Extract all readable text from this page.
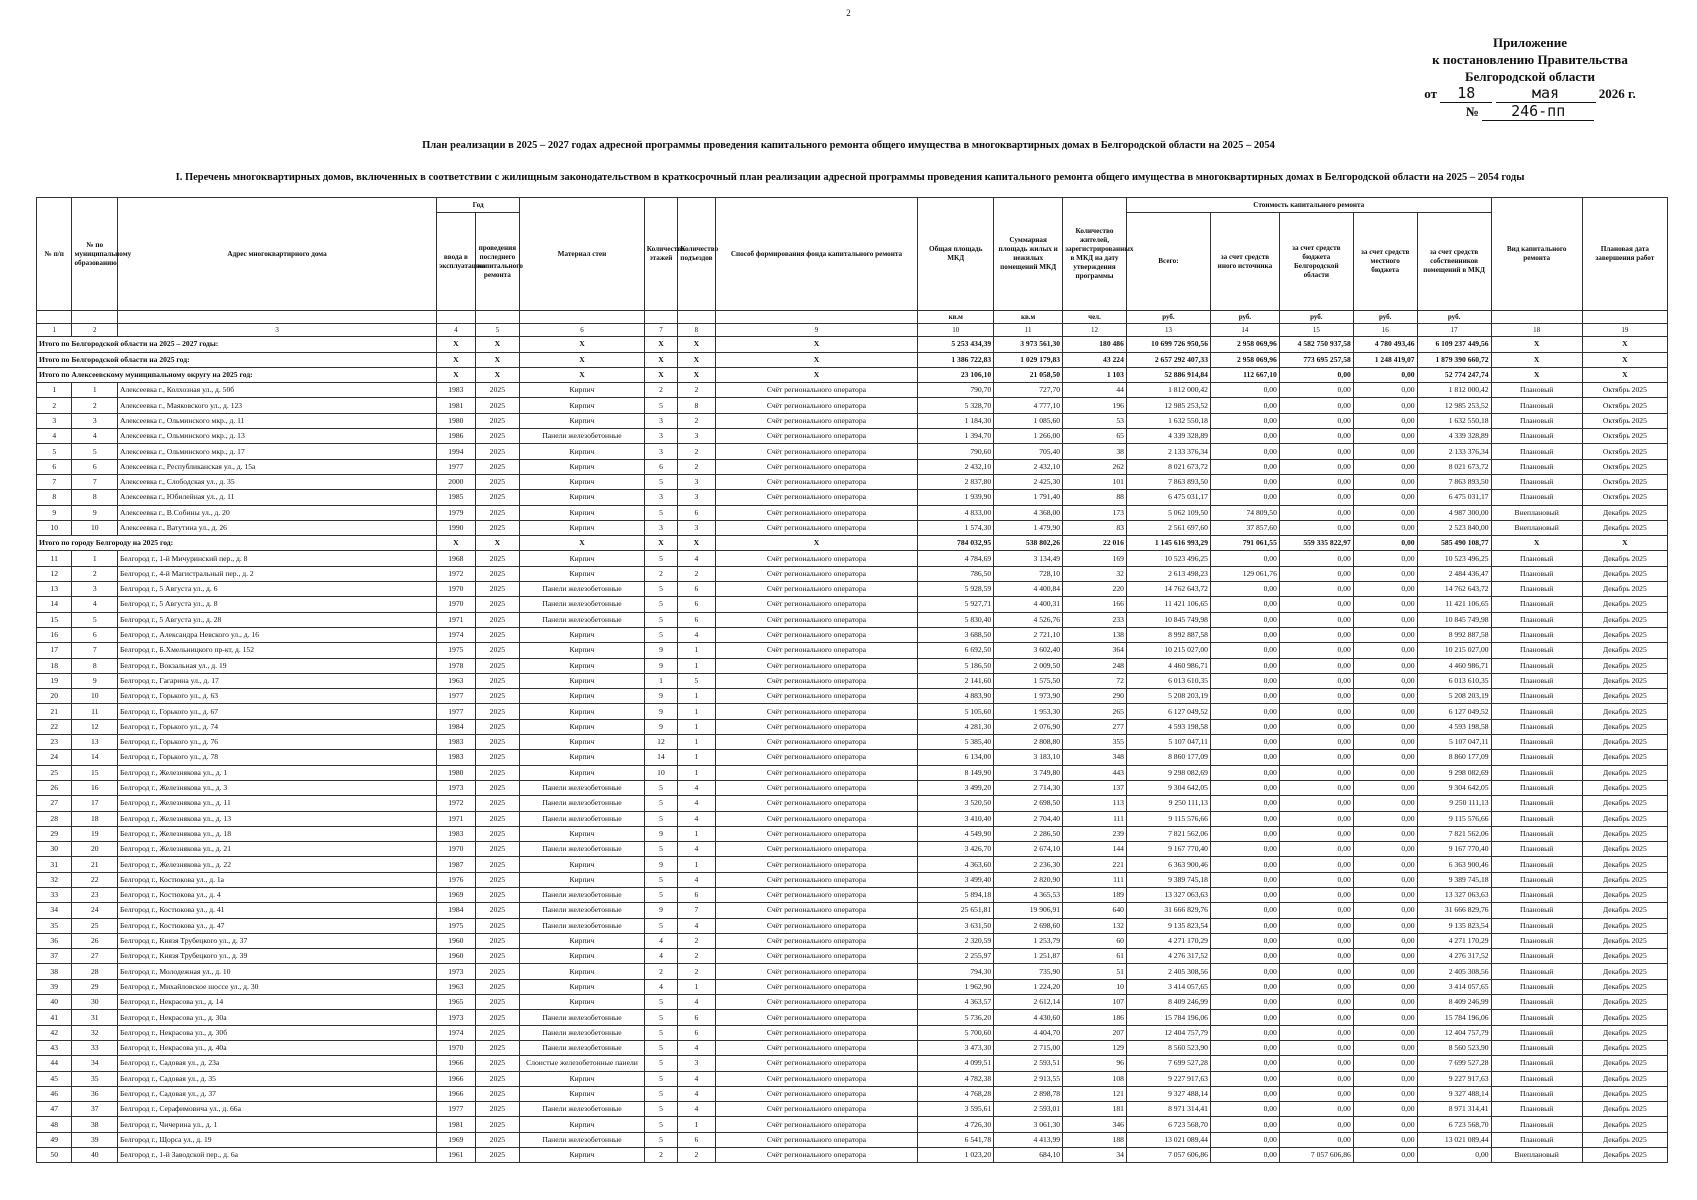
2
Приложение
к постановлению Правительства
Белгородской области
от 18	мая	2026 г.
№ 246-пп
План реализации в 2025 – 2027 годах адресной программы проведения капитального ремонта общего имущества в многоквартирных домах в Белгородской области на 2025 – 2054
I. Перечень многоквартирных домов, включенных в соответствии с жилищным законодательством в краткосрочный план реализации адресной программы проведения капитального ремонта общего имущества в многоквартирных домах в Белгородской области на 2025 – 2054 годы
№ п/п	№ по муниципальному образованию	Адрес многоквартирного дома	Год		Материал стен	Количество этажей	Количество подъездов	Способ формирования фонда капитального ремонта	Общая площадь МКД	Суммарная площадь жилых и нежилых помещений МКД	Количество жителей, зарегистрированных в МКД на дату утверждения программы	Стоимость капитального ремонта					Вид капитального ремонта	Плановая дата завершения работ
			ввода в эксплуатацию	проведения последнего капитального ремонта								Всего:	за счет средств иного источника	за счет средств бюджета Белгородской области	за счет средств местного бюджета	за счет средств собственников помещений в МКД		
									кв.м	кв.м	чел.	руб.	руб.	руб.	руб.	руб.		
1	2	3	4	5	6	7	8	9	10	11	12	13	14	15	16	17	18	19
Итого по Белгородской области на 2025 – 2027 годы:			X	X	X	X	X	X	5 253 434,39	3 973 561,30	180 486	10 699 726 950,56	2 958 069,96	4 582 750 937,58	4 780 493,46	6 109 237 449,56	X	X
Итого по Белгородской области на 2025 год:			X	X	X	X	X	X	1 386 722,83	1 029 179,83	43 224	2 657 292 407,33	2 958 069,96	773 695 257,58	1 248 419,07	1 879 390 660,72	X	X
Итого по Алексеевскому муниципальному округу на 2025 год:			X	X	X	X	X	X	23 106,10	21 058,50	1 103	52 886 914,84	112 667,10	0,00	0,00	52 774 247,74	X	X
1	1	Алексеевка г., Колхозная ул., д. 50б	1983	2025	Кирпич	2	2	Счёт регионального оператора	790,70	727,70	44	1 812 000,42	0,00	0,00	0,00	1 812 000,42	Плановый	Октябрь 2025
2	2	Алексеевка г., Маяковского ул., д. 123	1981	2025	Кирпич	5	8	Счёт регионального оператора	5 328,70	4 777,10	196	12 985 253,52	0,00	0,00	0,00	12 985 253,52	Плановый	Октябрь 2025
3	3	Алексеевка г., Ольминского мкр., д. 11	1980	2025	Кирпич	3	2	Счёт регионального оператора	1 184,30	1 085,60	53	1 632 550,18	0,00	0,00	0,00	1 632 550,18	Плановый	Октябрь 2025
4	4	Алексеевка г., Ольминского мкр., д. 13	1986	2025	Панели железобетонные	3	3	Счёт регионального оператора	1 394,70	1 266,00	65	4 339 328,89	0,00	0,00	0,00	4 339 328,89	Плановый	Октябрь 2025
5	5	Алексеевка г., Ольминского мкр., д. 17	1994	2025	Кирпич	3	2	Счёт регионального оператора	790,60	705,40	38	2 133 376,34	0,00	0,00	0,00	2 133 376,34	Плановый	Октябрь 2025
6	6	Алексеевка г., Республиканская ул., д. 15а	1977	2025	Кирпич	6	2	Счёт регионального оператора	2 432,10	2 432,10	262	8 021 673,72	0,00	0,00	0,00	8 021 673,72	Плановый	Октябрь 2025
7	7	Алексеевка г., Слободская ул., д. 35	2000	2025	Кирпич	5	3	Счёт регионального оператора	2 837,80	2 425,30	101	7 863 893,50	0,00	0,00	0,00	7 863 893,50	Плановый	Октябрь 2025
8	8	Алексеевка г., Юбилейная ул., д. 11	1985	2025	Кирпич	3	3	Счёт регионального оператора	1 939,90	1 791,40	88	6 475 031,17	0,00	0,00	0,00	6 475 031,17	Плановый	Октябрь 2025
9	9	Алексеевка г., В.Собины ул., д. 20	1979	2025	Кирпич	5	6	Счёт регионального оператора	4 833,00	4 368,00	173	5 062 109,50	74 809,50	0,00	0,00	4 987 300,00	Внеплановый	Декабрь 2025
10	10	Алексеевка г., Ватутина ул., д. 26	1990	2025	Кирпич	3	3	Счёт регионального оператора	1 574,30	1 479,90	83	2 561 697,60	37 857,60	0,00	0,00	2 523 840,00	Внеплановый	Декабрь 2025
Итого по городу Белгороду на 2025 год:			X	X	X	X	X	X	784 032,95	538 802,26	22 016	1 145 616 993,29	791 061,55	559 335 822,97	0,00	585 490 108,77	X	X
11	1	Белгород г., 1-й Мичуринский пер., д. 8	1968	2025	Кирпич	5	4	Счёт регионального оператора	4 784,69	3 134,49	169	10 523 496,25	0,00	0,00	0,00	10 523 496,25	Плановый	Декабрь 2025
12	2	Белгород г., 4-й Магистральный пер., д. 2	1972	2025	Кирпич	2	2	Счёт регионального оператора	786,50	728,10	32	2 613 498,23	129 061,76	0,00	0,00	2 484 436,47	Плановый	Декабрь 2025
13	3	Белгород г., 5 Августа ул., д. 6	1970	2025	Панели железобетонные	5	6	Счёт регионального оператора	5 928,59	4 400,84	220	14 762 643,72	0,00	0,00	0,00	14 762 643,72	Плановый	Декабрь 2025
14	4	Белгород г., 5 Августа ул., д. 8	1970	2025	Панели железобетонные	5	6	Счёт регионального оператора	5 927,71	4 400,31	166	11 421 106,65	0,00	0,00	0,00	11 421 106,65	Плановый	Декабрь 2025
15	5	Белгород г., 5 Августа ул., д. 28	1971	2025	Панели железобетонные	5	6	Счёт регионального оператора	5 830,40	4 526,76	233	10 845 749,98	0,00	0,00	0,00	10 845 749,98	Плановый	Декабрь 2025
16	6	Белгород г., Александра Невского ул., д. 16	1974	2025	Кирпич	5	4	Счёт регионального оператора	3 688,50	2 721,10	138	8 992 887,58	0,00	0,00	0,00	8 992 887,58	Плановый	Декабрь 2025
17	7	Белгород г., Б.Хмельницкого пр-кт, д. 152	1975	2025	Кирпич	9	1	Счёт регионального оператора	6 692,50	3 602,40	364	10 215 027,00	0,00	0,00	0,00	10 215 027,00	Плановый	Декабрь 2025
18	8	Белгород г., Вокзальная ул., д. 19	1978	2025	Кирпич	9	1	Счёт регионального оператора	5 186,50	2 009,50	248	4 460 986,71	0,00	0,00	0,00	4 460 986,71	Плановый	Декабрь 2025
19	9	Белгород г., Гагарина ул., д. 17	1963	2025	Кирпич	1	5	Счёт регионального оператора	2 141,60	1 575,50	72	6 013 610,35	0,00	0,00	0,00	6 013 610,35	Плановый	Декабрь 2025
20	10	Белгород г., Горького ул., д. 63	1977	2025	Кирпич	9	1	Счёт регионального оператора	4 883,90	1 973,90	290	5 208 203,19	0,00	0,00	0,00	5 208 203,19	Плановый	Декабрь 2025
21	11	Белгород г., Горького ул., д. 67	1977	2025	Кирпич	9	1	Счёт регионального оператора	5 105,60	1 953,30	265	6 127 049,52	0,00	0,00	0,00	6 127 049,52	Плановый	Декабрь 2025
22	12	Белгород г., Горького ул., д. 74	1984	2025	Кирпич	9	1	Счёт регионального оператора	4 281,30	2 076,90	277	4 593 198,58	0,00	0,00	0,00	4 593 198,58	Плановый	Декабрь 2025
23	13	Белгород г., Горького ул., д. 76	1983	2025	Кирпич	12	1	Счёт регионального оператора	5 385,40	2 808,80	355	5 107 047,11	0,00	0,00	0,00	5 107 047,11	Плановый	Декабрь 2025
24	14	Белгород г., Горького ул., д. 78	1983	2025	Кирпич	14	1	Счёт регионального оператора	6 134,00	3 183,10	348	8 860 177,09	0,00	0,00	0,00	8 860 177,09	Плановый	Декабрь 2025
25	15	Белгород г., Железнякова ул., д. 1	1980	2025	Кирпич	10	1	Счёт регионального оператора	8 149,90	3 749,80	443	9 298 082,69	0,00	0,00	0,00	9 298 082,69	Плановый	Декабрь 2025
26	16	Белгород г., Железнякова ул., д. 3	1973	2025	Панели железобетонные	5	4	Счёт регионального оператора	3 499,20	2 714,30	137	9 304 642,05	0,00	0,00	0,00	9 304 642,05	Плановый	Декабрь 2025
27	17	Белгород г., Железнякова ул., д. 11	1972	2025	Панели железобетонные	5	4	Счёт регионального оператора	3 520,50	2 698,50	113	9 250 111,13	0,00	0,00	0,00	9 250 111,13	Плановый	Декабрь 2025
28	18	Белгород г., Железнякова ул., д. 13	1971	2025	Панели железобетонные	5	4	Счёт регионального оператора	3 410,40	2 704,40	111	9 115 576,66	0,00	0,00	0,00	9 115 576,66	Плановый	Декабрь 2025
29	19	Белгород г., Железнякова ул., д. 18	1983	2025	Кирпич	9	1	Счёт регионального оператора	4 549,90	2 286,50	239	7 821 562,06	0,00	0,00	0,00	7 821 562,06	Плановый	Декабрь 2025
30	20	Белгород г., Железнякова ул., д. 21	1970	2025	Панели железобетонные	5	4	Счёт регионального оператора	3 426,70	2 674,10	144	9 167 770,40	0,00	0,00	0,00	9 167 770,40	Плановый	Декабрь 2025
31	21	Белгород г., Железнякова ул., д. 22	1987	2025	Кирпич	9	1	Счёт регионального оператора	4 363,60	2 236,30	221	6 363 900,46	0,00	0,00	0,00	6 363 900,46	Плановый	Декабрь 2025
32	22	Белгород г., Костюкова ул., д. 1а	1976	2025	Кирпич	5	4	Счёт регионального оператора	3 499,40	2 820,90	111	9 389 745,18	0,00	0,00	0,00	9 389 745,18	Плановый	Декабрь 2025
33	23	Белгород г., Костюкова ул., д. 4	1969	2025	Панели железобетонные	5	6	Счёт регионального оператора	5 894,18	4 365,53	189	13 327 063,63	0,00	0,00	0,00	13 327 063,63	Плановый	Декабрь 2025
34	24	Белгород г., Костюкова ул., д. 41	1984	2025	Панели железобетонные	9	7	Счёт регионального оператора	25 651,81	19 906,91	640	31 666 829,76	0,00	0,00	0,00	31 666 829,76	Плановый	Декабрь 2025
35	25	Белгород г., Костюкова ул., д. 47	1975	2025	Панели железобетонные	5	4	Счёт регионального оператора	3 631,50	2 698,60	132	9 135 823,54	0,00	0,00	0,00	9 135 823,54	Плановый	Декабрь 2025
36	26	Белгород г., Князя Трубецкого ул., д. 37	1960	2025	Кирпич	4	2	Счёт регионального оператора	2 320,59	1 253,79	60	4 271 170,29	0,00	0,00	0,00	4 271 170,29	Плановый	Декабрь 2025
37	27	Белгород г., Князя Трубецкого ул., д. 39	1960	2025	Кирпич	4	2	Счёт регионального оператора	2 255,97	1 251,87	61	4 276 317,52	0,00	0,00	0,00	4 276 317,52	Плановый	Декабрь 2025
38	28	Белгород г., Молодежная ул., д. 10	1973	2025	Кирпич	2	2	Счёт регионального оператора	794,30	735,90	51	2 405 308,56	0,00	0,00	0,00	2 405 308,56	Плановый	Декабрь 2025
39	29	Белгород г., Михайловское шоссе ул., д. 30	1963	2025	Кирпич	4	1	Счёт регионального оператора	1 962,90	1 224,20	10	3 414 057,65	0,00	0,00	0,00	3 414 057,65	Плановый	Декабрь 2025
40	30	Белгород г., Некрасова ул., д. 14	1965	2025	Кирпич	5	4	Счёт регионального оператора	4 363,57	2 612,14	107	8 409 246,99	0,00	0,00	0,00	8 409 246,99	Плановый	Декабрь 2025
41	31	Белгород г., Некрасова ул., д. 30а	1973	2025	Панели железобетонные	5	6	Счёт регионального оператора	5 736,20	4 430,60	186	15 784 196,06	0,00	0,00	0,00	15 784 196,06	Плановый	Декабрь 2025
42	32	Белгород г., Некрасова ул., д. 30б	1974	2025	Панели железобетонные	5	6	Счёт регионального оператора	5 700,60	4 404,70	207	12 404 757,79	0,00	0,00	0,00	12 404 757,79	Плановый	Декабрь 2025
43	33	Белгород г., Некрасова ул., д. 40а	1970	2025	Панели железобетонные	5	4	Счёт регионального оператора	3 473,30	2 715,00	129	8 560 523,90	0,00	0,00	0,00	8 560 523,90	Плановый	Декабрь 2025
44	34	Белгород г., Садовая ул., д. 23а	1966	2025	Слоистые железобетонные панели	5	3	Счёт регионального оператора	4 099,51	2 593,51	96	7 699 527,28	0,00	0,00	0,00	7 699 527,28	Плановый	Декабрь 2025
45	35	Белгород г., Садовая ул., д. 35	1966	2025	Кирпич	5	4	Счёт регионального оператора	4 782,38	2 913,55	108	9 227 917,63	0,00	0,00	0,00	9 227 917,63	Плановый	Декабрь 2025
46	36	Белгород г., Садовая ул., д. 37	1966	2025	Кирпич	5	4	Счёт регионального оператора	4 768,28	2 898,78	121	9 327 488,14	0,00	0,00	0,00	9 327 488,14	Плановый	Декабрь 2025
47	37	Белгород г., Серафимовича ул., д. 66а	1977	2025	Панели железобетонные	5	4	Счёт регионального оператора	3 595,61	2 593,01	181	8 971 314,41	0,00	0,00	0,00	8 971 314,41	Плановый	Декабрь 2025
48	38	Белгород г., Чичерина ул., д. 1	1981	2025	Кирпич	5	1	Счёт регионального оператора	4 726,30	3 061,30	346	6 723 568,70	0,00	0,00	0,00	6 723 568,70	Плановый	Декабрь 2025
49	39	Белгород г., Щорса ул., д. 19	1969	2025	Панели железобетонные	5	6	Счёт регионального оператора	6 541,78	4 413,99	188	13 021 089,44	0,00	0,00	0,00	13 021 089,44	Плановый	Декабрь 2025
50	40	Белгород г., 1-й Заводской пер., д. 6а	1961	2025	Кирпич	2	2	Счёт регионального оператора	1 023,20	684,10	34	7 057 606,86	0,00	7 057 606,86	0,00	0,00	Внеплановый	Декабрь 2025
